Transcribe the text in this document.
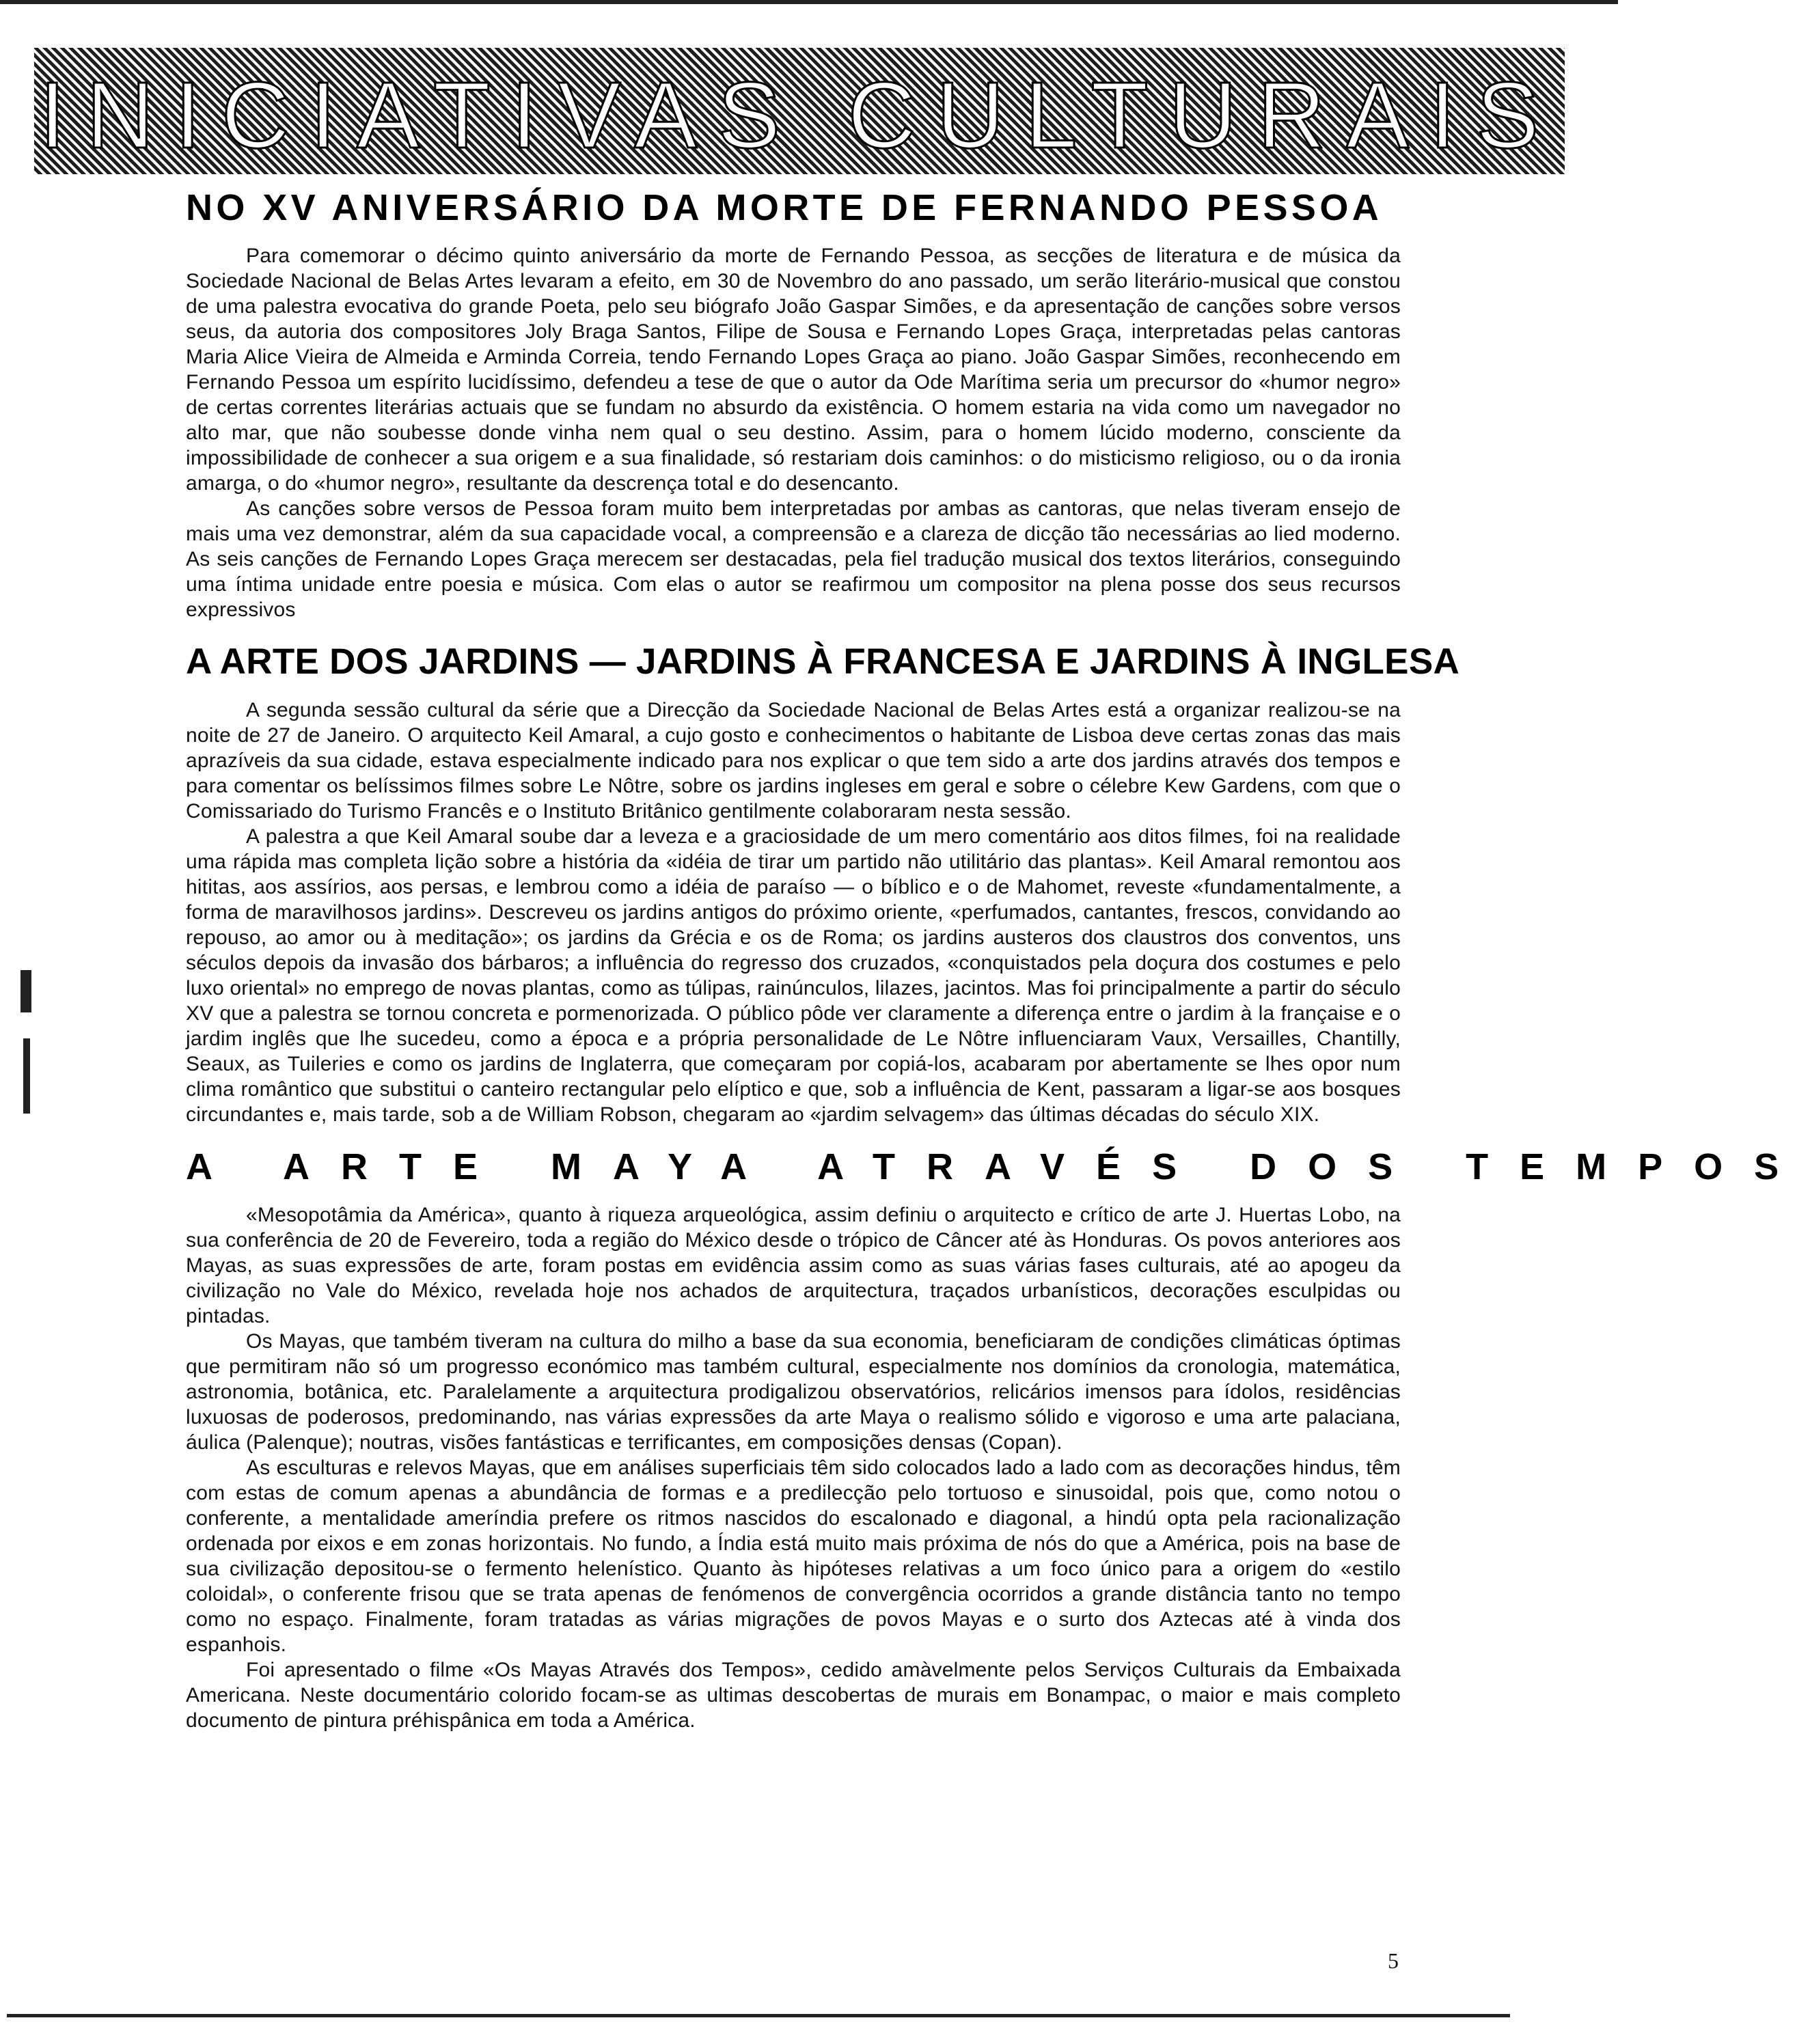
INICIATIVAS CULTURAIS
NO XV ANIVERSÁRIO DA MORTE DE FERNANDO PESSOA

Para comemorar o décimo quinto aniversário da morte de Fernando Pessoa, as secções de literatura e de música da Sociedade Nacional de Belas Artes levaram a efeito, em 30 de Novembro do ano passado, um serão literário-musical que constou de uma palestra evocativa do grande Poeta, pelo seu biógrafo João Gaspar Simões, e da apresentação de canções sobre versos seus, da autoria dos compositores Joly Braga Santos, Filipe de Sousa e Fernando Lopes Graça, interpretadas pelas cantoras Maria Alice Vieira de Almeida e Arminda Correia, tendo Fernando Lopes Graça ao piano. João Gaspar Simões, reconhecendo em Fernando Pessoa um espírito lucidíssimo, defendeu a tese de que o autor da Ode Marítima seria um precursor do «humor negro» de certas correntes literárias actuais que se fundam no absurdo da existência. O homem estaria na vida como um navegador no alto mar, que não soubesse donde vinha nem qual o seu destino. Assim, para o homem lúcido moderno, consciente da impossibilidade de conhecer a sua origem e a sua finalidade, só restariam dois caminhos: o do misticismo religioso, ou o da ironia amarga, o do «humor negro», resultante da descrença total e do desencanto.

As canções sobre versos de Pessoa foram muito bem interpretadas por ambas as cantoras, que nelas tiveram ensejo de mais uma vez demonstrar, além da sua capacidade vocal, a compreensão e a clareza de dicção tão necessárias ao lied moderno. As seis canções de Fernando Lopes Graça merecem ser destacadas, pela fiel tradução musical dos textos literários, conseguindo uma íntima unidade entre poesia e música. Com elas o autor se reafirmou um compositor na plena posse dos seus recursos expressivos

A ARTE DOS JARDINS — JARDINS À FRANCESA E JARDINS À INGLESA

A segunda sessão cultural da série que a Direcção da Sociedade Nacional de Belas Artes está a organizar realizou-se na noite de 27 de Janeiro. O arquitecto Keil Amaral, a cujo gosto e conhecimentos o habitante de Lisboa deve certas zonas das mais aprazíveis da sua cidade, estava especialmente indicado para nos explicar o que tem sido a arte dos jardins através dos tempos e para comentar os belíssimos filmes sobre Le Nôtre, sobre os jardins ingleses em geral e sobre o célebre Kew Gardens, com que o Comissariado do Turismo Francês e o Instituto Britânico gentilmente colaboraram nesta sessão.

A palestra a que Keil Amaral soube dar a leveza e a graciosidade de um mero comentário aos ditos filmes, foi na realidade uma rápida mas completa lição sobre a história da «idéia de tirar um partido não utilitário das plantas». Keil Amaral remontou aos hititas, aos assírios, aos persas, e lembrou como a idéia de paraíso — o bíblico e o de Mahomet, reveste «fundamentalmente, a forma de maravilhosos jardins». Descreveu os jardins antigos do próximo oriente, «perfumados, cantantes, frescos, convidando ao repouso, ao amor ou à meditação»; os jardins da Grécia e os de Roma; os jardins austeros dos claustros dos conventos, uns séculos depois da invasão dos bárbaros; a influência do regresso dos cruzados, «conquistados pela doçura dos costumes e pelo luxo oriental» no emprego de novas plantas, como as túlipas, rainúnculos, lilazes, jacintos. Mas foi principalmente a partir do século XV que a palestra se tornou concreta e pormenorizada. O público pôde ver claramente a diferença entre o jardim à la française e o jardim inglês que lhe sucedeu, como a época e a própria personalidade de Le Nôtre influenciaram Vaux, Versailles, Chantilly, Seaux, as Tuileries e como os jardins de Inglaterra, que começaram por copiá-los, acabaram por abertamente se lhes opor num clima romântico que substitui o canteiro rectangular pelo elíptico e que, sob a influência de Kent, passaram a ligar-se aos bosques circundantes e, mais tarde, sob a de William Robson, chegaram ao «jardim selvagem» das últimas décadas do século XIX.

A ARTE MAYA ATRAVÉS DOS TEMPOS

«Mesopotâmia da América», quanto à riqueza arqueológica, assim definiu o arquitecto e crítico de arte J. Huertas Lobo, na sua conferência de 20 de Fevereiro, toda a região do México desde o trópico de Câncer até às Honduras. Os povos anteriores aos Mayas, as suas expressões de arte, foram postas em evidência assim como as suas várias fases culturais, até ao apogeu da civilização no Vale do México, revelada hoje nos achados de arquitectura, traçados urbanísticos, decorações esculpidas ou pintadas.

Os Mayas, que também tiveram na cultura do milho a base da sua economia, beneficiaram de condições climáticas óptimas que permitiram não só um progresso económico mas também cultural, especialmente nos domínios da cronologia, matemática, astronomia, botânica, etc. Paralelamente a arquitectura prodigalizou observatórios, relicários imensos para ídolos, residências luxuosas de poderosos, predominando, nas várias expressões da arte Maya o realismo sólido e vigoroso e uma arte palaciana, áulica (Palenque); noutras, visões fantásticas e terrificantes, em composições densas (Copan).

As esculturas e relevos Mayas, que em análises superficiais têm sido colocados lado a lado com as decorações hindus, têm com estas de comum apenas a abundância de formas e a predilecção pelo tortuoso e sinusoidal, pois que, como notou o conferente, a mentalidade ameríndia prefere os ritmos nascidos do escalonado e diagonal, a hindú opta pela racionalização ordenada por eixos e em zonas horizontais. No fundo, a Índia está muito mais próxima de nós do que a América, pois na base de sua civilização depositou-se o fermento helenístico. Quanto às hipóteses relativas a um foco único para a origem do «estilo coloidal», o conferente frisou que se trata apenas de fenómenos de convergência ocorridos a grande distância tanto no tempo como no espaço. Finalmente, foram tratadas as várias migrações de povos Mayas e o surto dos Aztecas até à vinda dos espanhois.

Foi apresentado o filme «Os Mayas Através dos Tempos», cedido amàvelmente pelos Serviços Culturais da Embaixada Americana. Neste documentário colorido focam-se as ultimas descobertas de murais em Bonampac, o maior e mais completo documento de pintura préhispânica em toda a América.

5
